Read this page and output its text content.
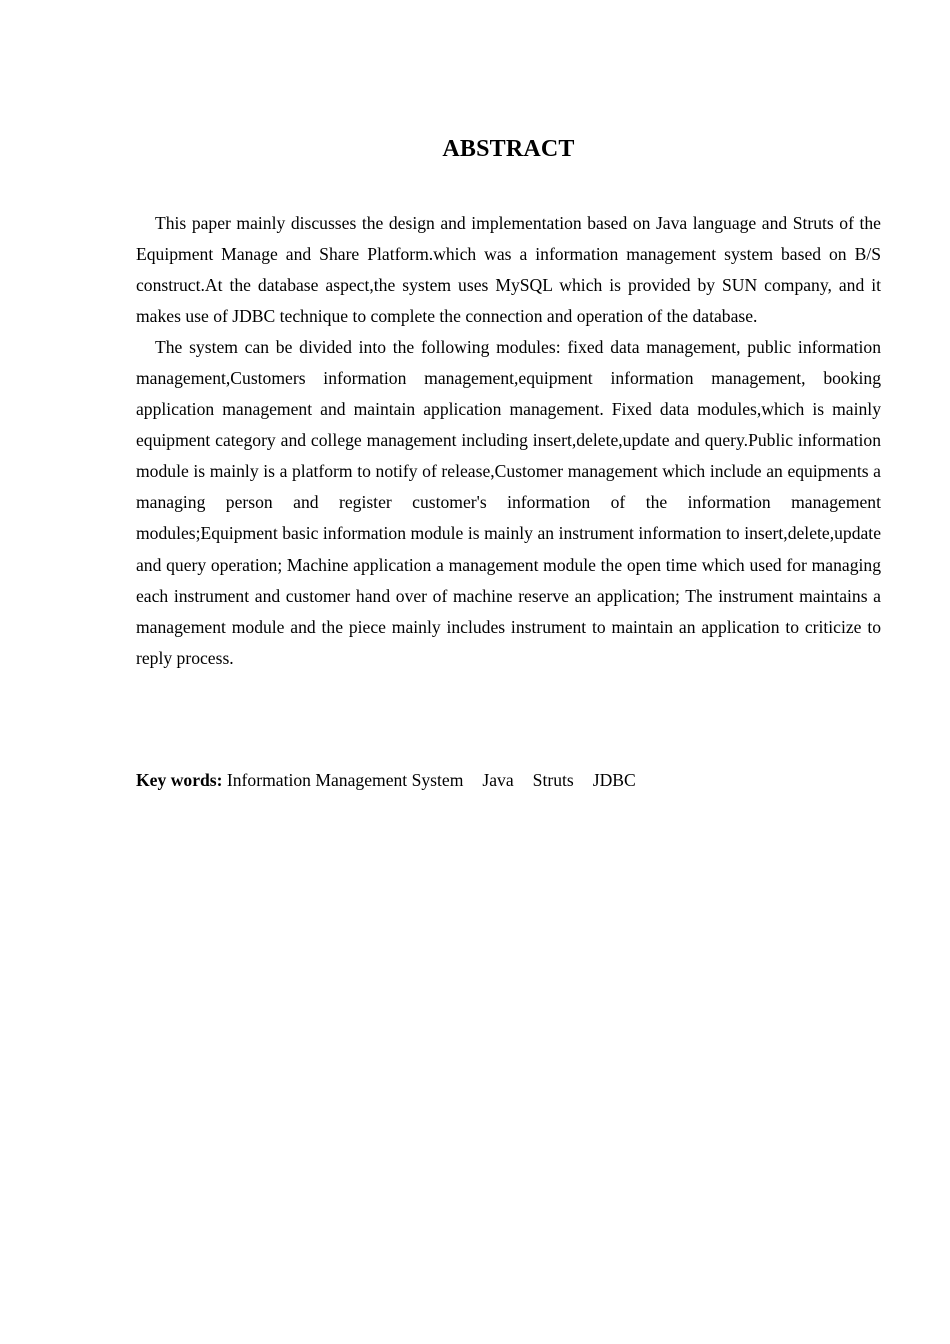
ABSTRACT

This paper mainly discusses the design and implementation based on Java language and Struts of the Equipment Manage and Share Platform.which was a information management system based on B/S construct.At the database aspect,the system uses MySQL which is provided by SUN company, and it makes use of JDBC technique to complete the connection and operation of the database.

The system can be divided into the following modules: fixed data management, public information management,Customers information management,equipment information management, booking application management and maintain application management. Fixed data modules,which is mainly equipment category and college management including insert,delete,update and query.Public information module is mainly is a platform to notify of release,Customer management which include an equipments a managing person and register customer's information of the information management modules;Equipment basic information module is mainly an instrument information to insert,delete,update and query operation; Machine application a management module the open time which used for managing each instrument and customer hand over of machine reserve an application; The instrument maintains a management module and the piece mainly includes instrument to maintain an application to criticize to reply process.

Key words: Information Management System Java Struts JDBC
